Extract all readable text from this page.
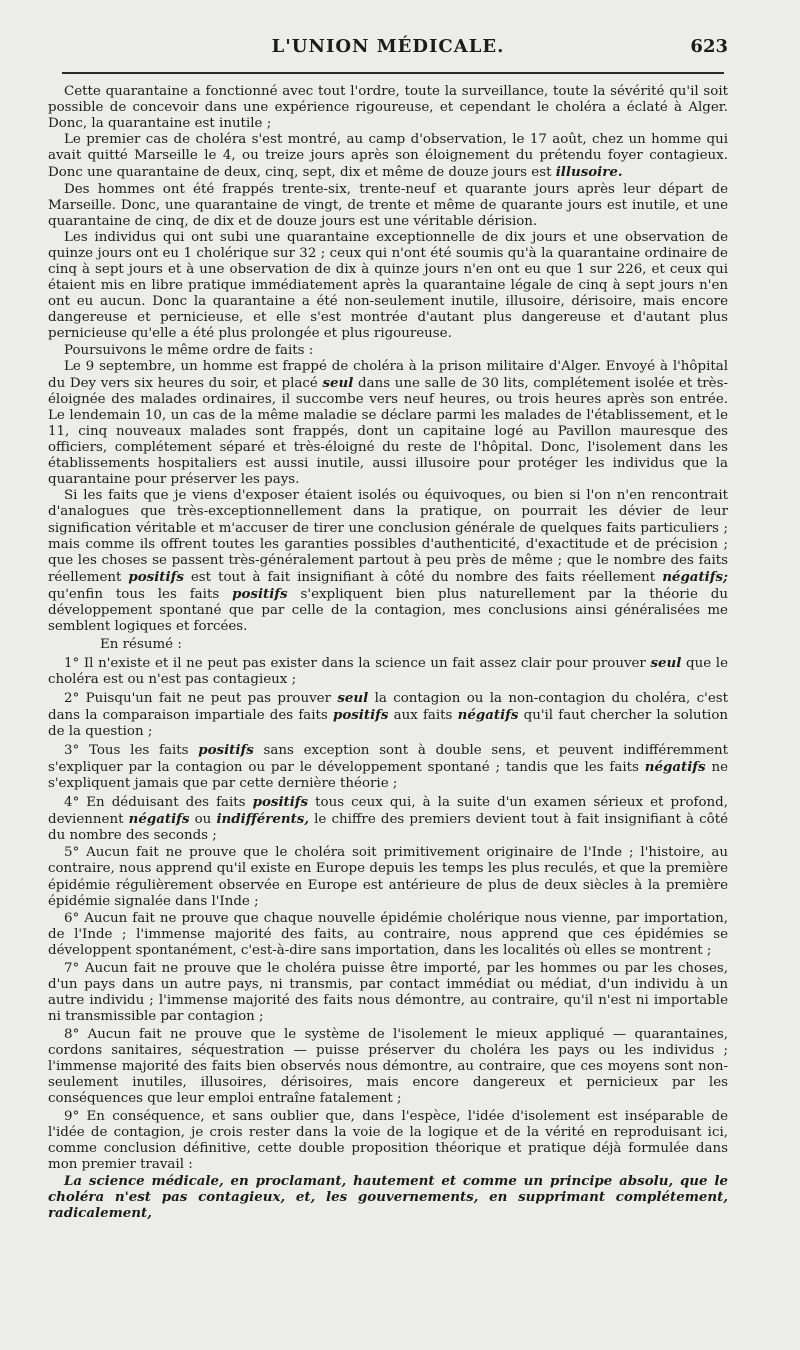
L'UNION MÉDICALE.	623

Cette quarantaine a fonctionné avec tout l'ordre, toute la surveillance, toute la sévérité qu'il soit possible de concevoir dans une expérience rigoureuse, et cependant le choléra a éclaté à Alger. Donc, la quarantaine est inutile ;

Le premier cas de choléra s'est montré, au camp d'observation, le 17 août, chez un homme qui avait quitté Marseille le 4, ou treize jours après son éloignement du prétendu foyer contagieux. Donc une quarantaine de deux, cinq, sept, dix et même de douze jours est illusoire.

Des hommes ont été frappés trente-six, trente-neuf et quarante jours après leur départ de Marseille. Donc, une quarantaine de vingt, de trente et même de quarante jours est inutile, et une quarantaine de cinq, de dix et de douze jours est une véritable dérision.

Les individus qui ont subi une quarantaine exceptionnelle de dix jours et une observation de quinze jours ont eu 1 cholérique sur 32 ; ceux qui n'ont été soumis qu'à la quarantaine ordinaire de cinq à sept jours et à une observation de dix à quinze jours n'en ont eu que 1 sur 226, et ceux qui étaient mis en libre pratique immédiatement après la quarantaine légale de cinq à sept jours n'en ont eu aucun. Donc la quarantaine a été non-seulement inutile, illusoire, dérisoire, mais encore dangereuse et pernicieuse, et elle s'est montrée d'autant plus dangereuse et d'autant plus pernicieuse qu'elle a été plus prolongée et plus rigoureuse.

Poursuivons le même ordre de faits :

Le 9 septembre, un homme est frappé de choléra à la prison militaire d'Alger. Envoyé à l'hôpital du Dey vers six heures du soir, et placé seul dans une salle de 30 lits, complétement isolée et très-éloignée des malades ordinaires, il succombe vers neuf heures, ou trois heures après son entrée. Le lendemain 10, un cas de la même maladie se déclare parmi les malades de l'établissement, et le 11, cinq nouveaux malades sont frappés, dont un capitaine logé au Pavillon mauresque des officiers, complétement séparé et très-éloigné du reste de l'hôpital. Donc, l'isolement dans les établissements hospitaliers est aussi inutile, aussi illusoire pour protéger les individus que la quarantaine pour préserver les pays.

Si les faits que je viens d'exposer étaient isolés ou équivoques, ou bien si l'on n'en rencontrait d'analogues que très-exceptionnellement dans la pratique, on pourrait les dévier de leur signification véritable et m'accuser de tirer une conclusion générale de quelques faits particuliers ; mais comme ils offrent toutes les garanties possibles d'authenticité, d'exactitude et de précision ; que les choses se passent très-généralement partout à peu près de même ; que le nombre des faits réellement positifs est tout à fait insignifiant à côté du nombre des faits réellement négatifs; qu'enfin tous les faits positifs s'expliquent bien plus naturellement par la théorie du développement spontané que par celle de la contagion, mes conclusions ainsi généralisées me semblent logiques et forcées.

En résumé :

1° Il n'existe et il ne peut pas exister dans la science un fait assez clair pour prouver seul que le choléra est ou n'est pas contagieux ;

2° Puisqu'un fait ne peut pas prouver seul la contagion ou la non-contagion du choléra, c'est dans la comparaison impartiale des faits positifs aux faits négatifs qu'il faut chercher la solution de la question ;

3° Tous les faits positifs sans exception sont à double sens, et peuvent indifféremment s'expliquer par la contagion ou par le développement spontané ; tandis que les faits négatifs ne s'expliquent jamais que par cette dernière théorie ;

4° En déduisant des faits positifs tous ceux qui, à la suite d'un examen sérieux et profond, deviennent négatifs ou indifférents, le chiffre des premiers devient tout à fait insignifiant à côté du nombre des seconds ;

5° Aucun fait ne prouve que le choléra soit primitivement originaire de l'Inde ; l'histoire, au contraire, nous apprend qu'il existe en Europe depuis les temps les plus reculés, et que la première épidémie régulièrement observée en Europe est antérieure de plus de deux siècles à la première épidémie signalée dans l'Inde ;

6° Aucun fait ne prouve que chaque nouvelle épidémie cholérique nous vienne, par importation, de l'Inde ; l'immense majorité des faits, au contraire, nous apprend que ces épidémies se développent spontanément, c'est-à-dire sans importation, dans les localités où elles se montrent ;

7° Aucun fait ne prouve que le choléra puisse être importé, par les hommes ou par les choses, d'un pays dans un autre pays, ni transmis, par contact immédiat ou médiat, d'un individu à un autre individu ; l'immense majorité des faits nous démontre, au contraire, qu'il n'est ni importable ni transmissible par contagion ;

8° Aucun fait ne prouve que le système de l'isolement le mieux appliqué — quarantaines, cordons sanitaires, séquestration — puisse préserver du choléra les pays ou les individus ; l'immense majorité des faits bien observés nous démontre, au contraire, que ces moyens sont non-seulement inutiles, illusoires, dérisoires, mais encore dangereux et pernicieux par les conséquences que leur emploi entraîne fatalement ;

9° En conséquence, et sans oublier que, dans l'espèce, l'idée d'isolement est inséparable de l'idée de contagion, je crois rester dans la voie de la logique et de la vérité en reproduisant ici, comme conclusion définitive, cette double proposition théorique et pratique déjà formulée dans mon premier travail :

La science médicale, en proclamant, hautement et comme un principe absolu, que le choléra n'est pas contagieux, et, les gouvernements, en supprimant complétement, radicalement,
